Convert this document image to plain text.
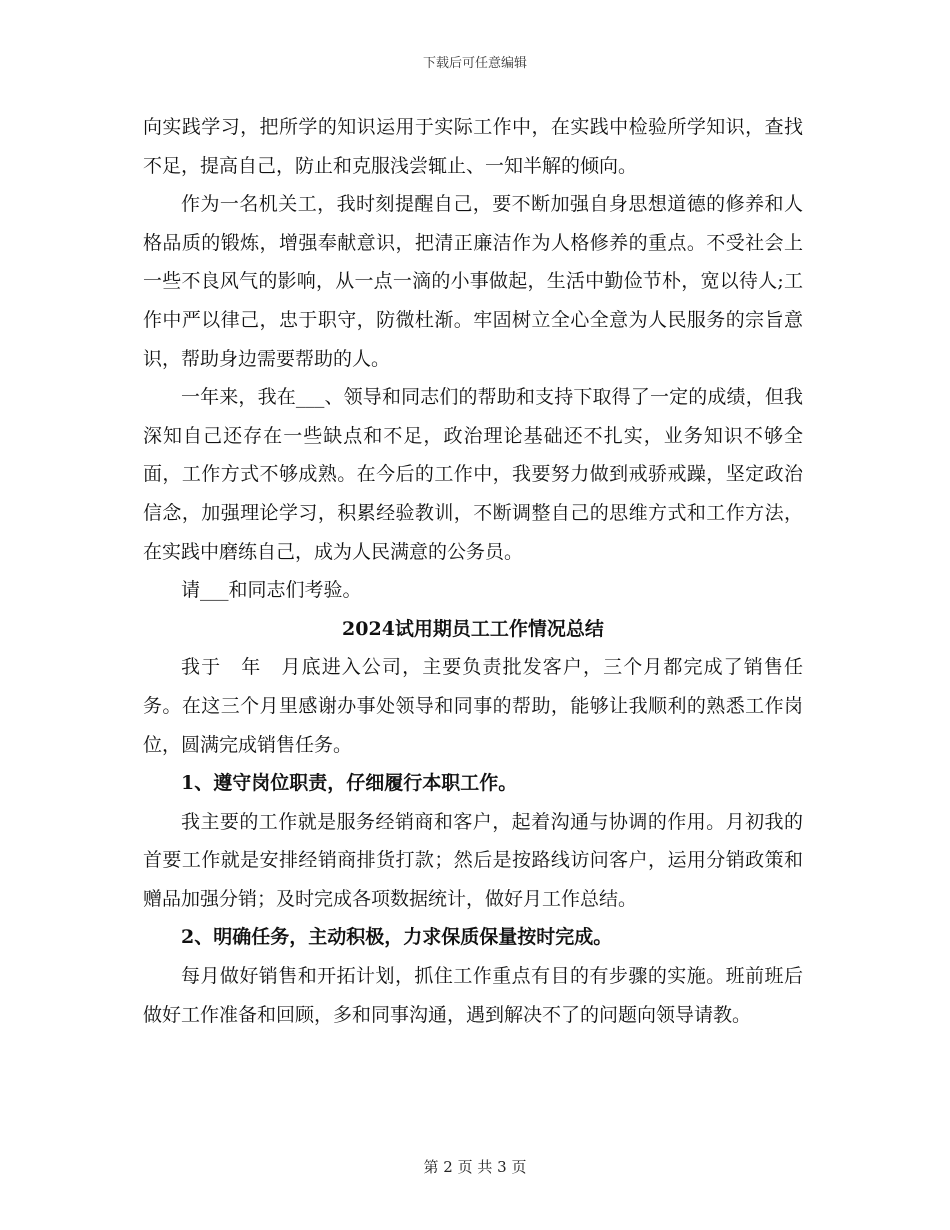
下载后可任意编辑

向实践学习，把所学的知识运用于实际工作中，在实践中检验所学知识，查找不足，提高自己，防止和克服浅尝辄止、一知半解的倾向。

作为一名机关工，我时刻提醒自己，要不断加强自身思想道德的修养和人格品质的锻炼，增强奉献意识，把清正廉洁作为人格修养的重点。不受社会上一些不良风气的影响，从一点一滴的小事做起，生活中勤俭节朴，宽以待人;工作中严以律己，忠于职守，防微杜渐。牢固树立全心全意为人民服务的宗旨意识，帮助身边需要帮助的人。

一年来，我在___、领导和同志们的帮助和支持下取得了一定的成绩，但我深知自己还存在一些缺点和不足，政治理论基础还不扎实，业务知识不够全面，工作方式不够成熟。在今后的工作中，我要努力做到戒骄戒躁，坚定政治信念，加强理论学习，积累经验教训，不断调整自己的思维方式和工作方法，在实践中磨练自己，成为人民满意的公务员。

请___和同志们考验。

2024试用期员工工作情况总结

我于　年　月底进入公司，主要负责批发客户，三个月都完成了销售任务。在这三个月里感谢办事处领导和同事的帮助，能够让我顺利的熟悉工作岗位，圆满完成销售任务。

1、遵守岗位职责，仔细履行本职工作。

我主要的工作就是服务经销商和客户，起着沟通与协调的作用。月初我的首要工作就是安排经销商排货打款；然后是按路线访问客户，运用分销政策和赠品加强分销；及时完成各项数据统计，做好月工作总结。

2、明确任务，主动积极，力求保质保量按时完成。

每月做好销售和开拓计划，抓住工作重点有目的有步骤的实施。班前班后做好工作准备和回顾，多和同事沟通，遇到解决不了的问题向领导请教。

第 2 页 共 3 页
